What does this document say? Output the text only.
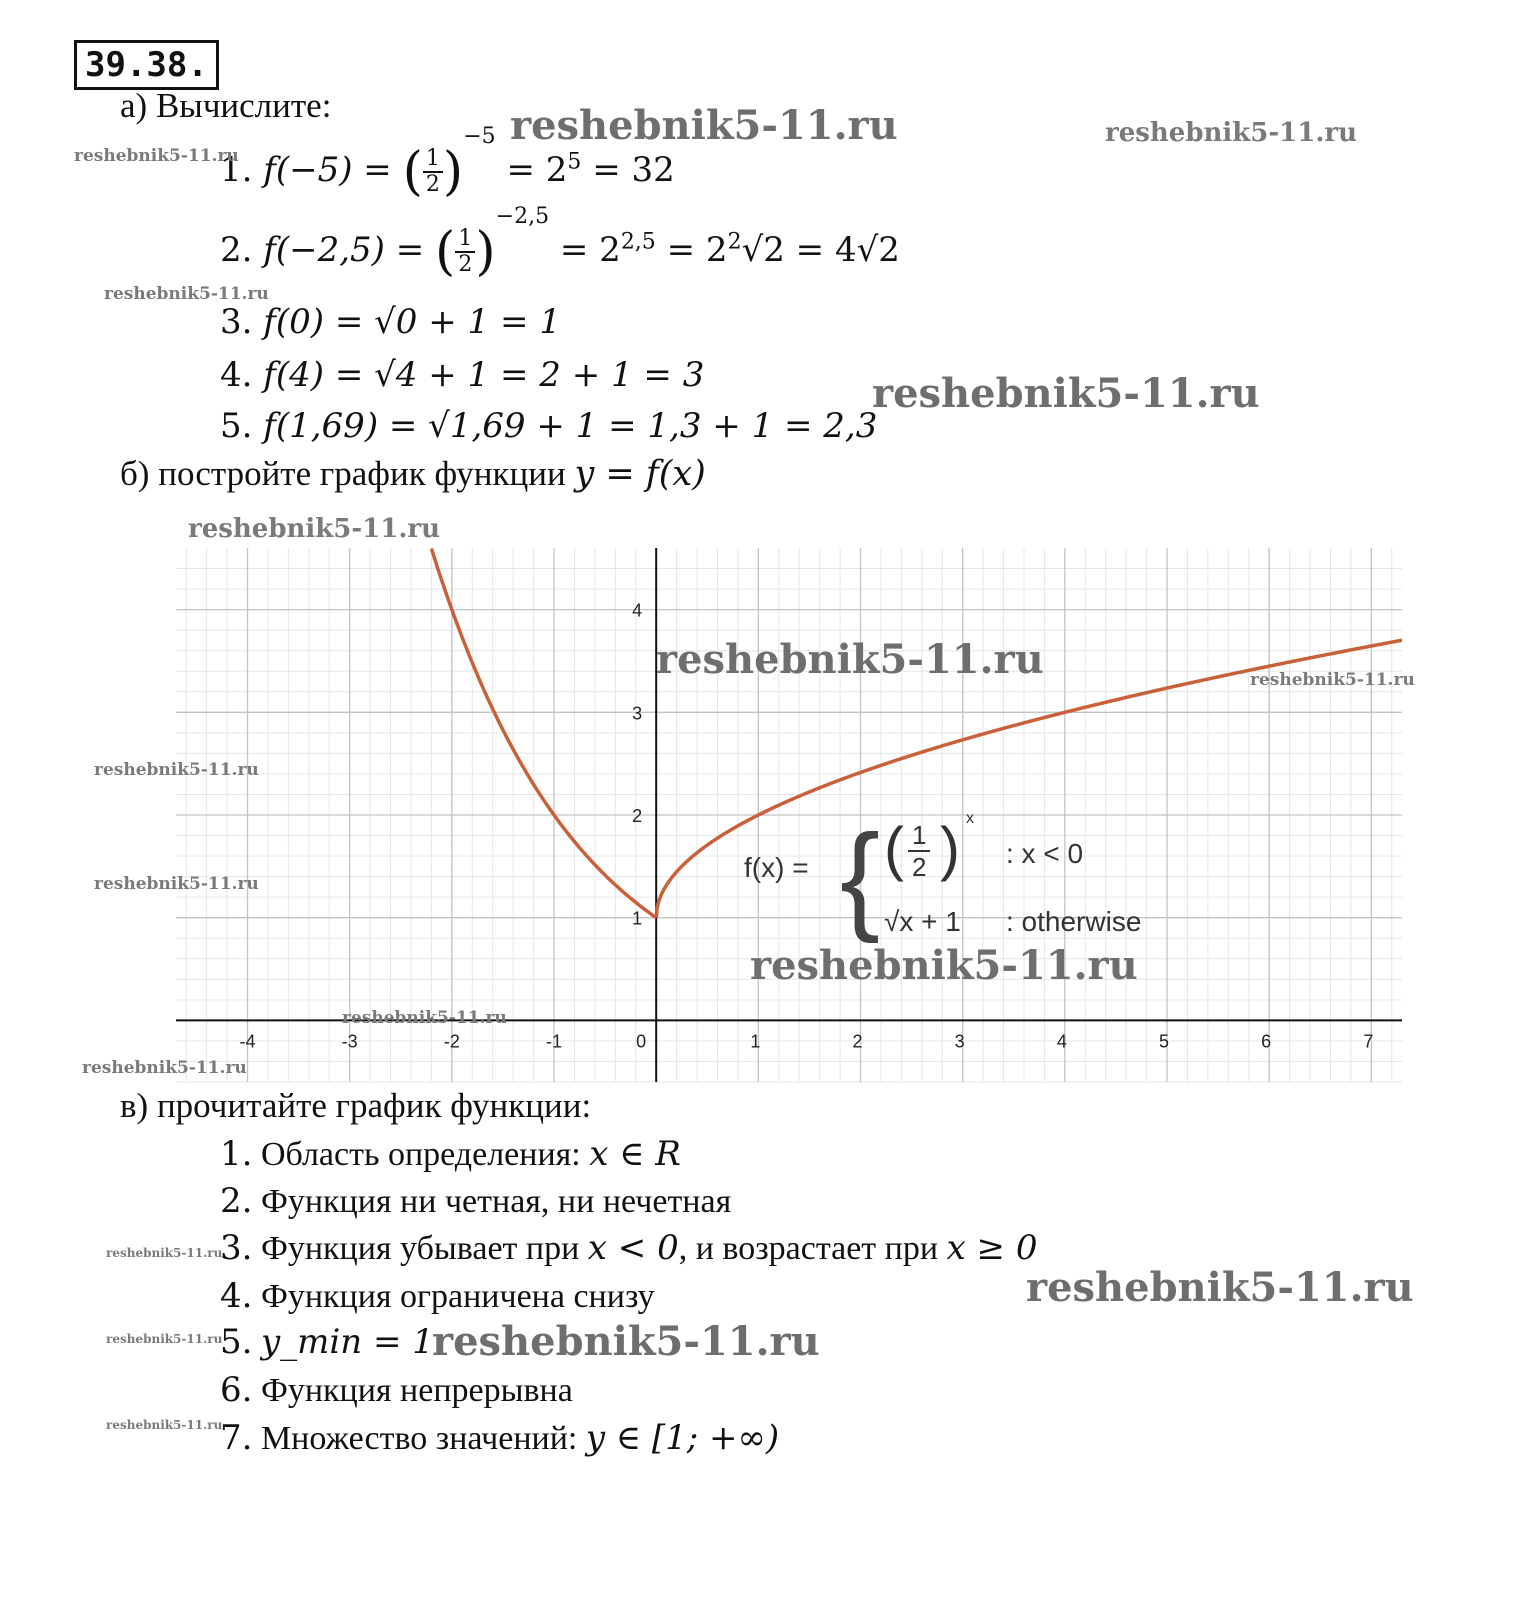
39.38.
а) Вычислите:
1. f(−5) = ( $\frac{1}{2} )^{-5} = 2^5 = 32$
2. f(−2,5) = ( $\frac{1}{2} )^{-2,5} = 2^{2,5} = 2^2√2 = 4√2$
3. f(0) = √0 + 1 = 1
4. f(4) = √4 + 1 = 2 + 1 = 3
5. f(1,69) = √1,69 + 1 = 1,3 + 1 = 2,3
б) постройте график функции y = f(x)
-4	-3	-2	-1	0	1	2	3	4	5	6	7
1
2
3
4
f(x) = { ( $\frac{1}{2}$ ) x
: x < 0
√x + 1 : otherwise
в) прочитайте график функции:
1. Область определения: x ∈ R
2. Функция ни четная, ни нечетная
3. Функция убывает при x < 0, и возрастает при x ≥ 0
4. Функция ограничена снизу
5. y_min = 1
6. Функция непрерывна
7. Множество значений: y ∈ [1; +∞)
reshebnik5-11.ru	reshebnik5-11.ru
reshebnik5-11.ru
reshebnik5-11.ru
reshebnik5-11.ru
reshebnik5-11.ru
reshebnik5-11.ru	reshebnik5-11.ru
reshebnik5-11.ru
reshebnik5-11.ru
reshebnik5-11.ru
reshebnik5-11.ru
reshebnik5-11.ru
reshebnik5-11.ru
reshebnik5-11.ru
reshebnik5-11.ru
reshebnik5-11.ru
reshebnik5-11.ru
